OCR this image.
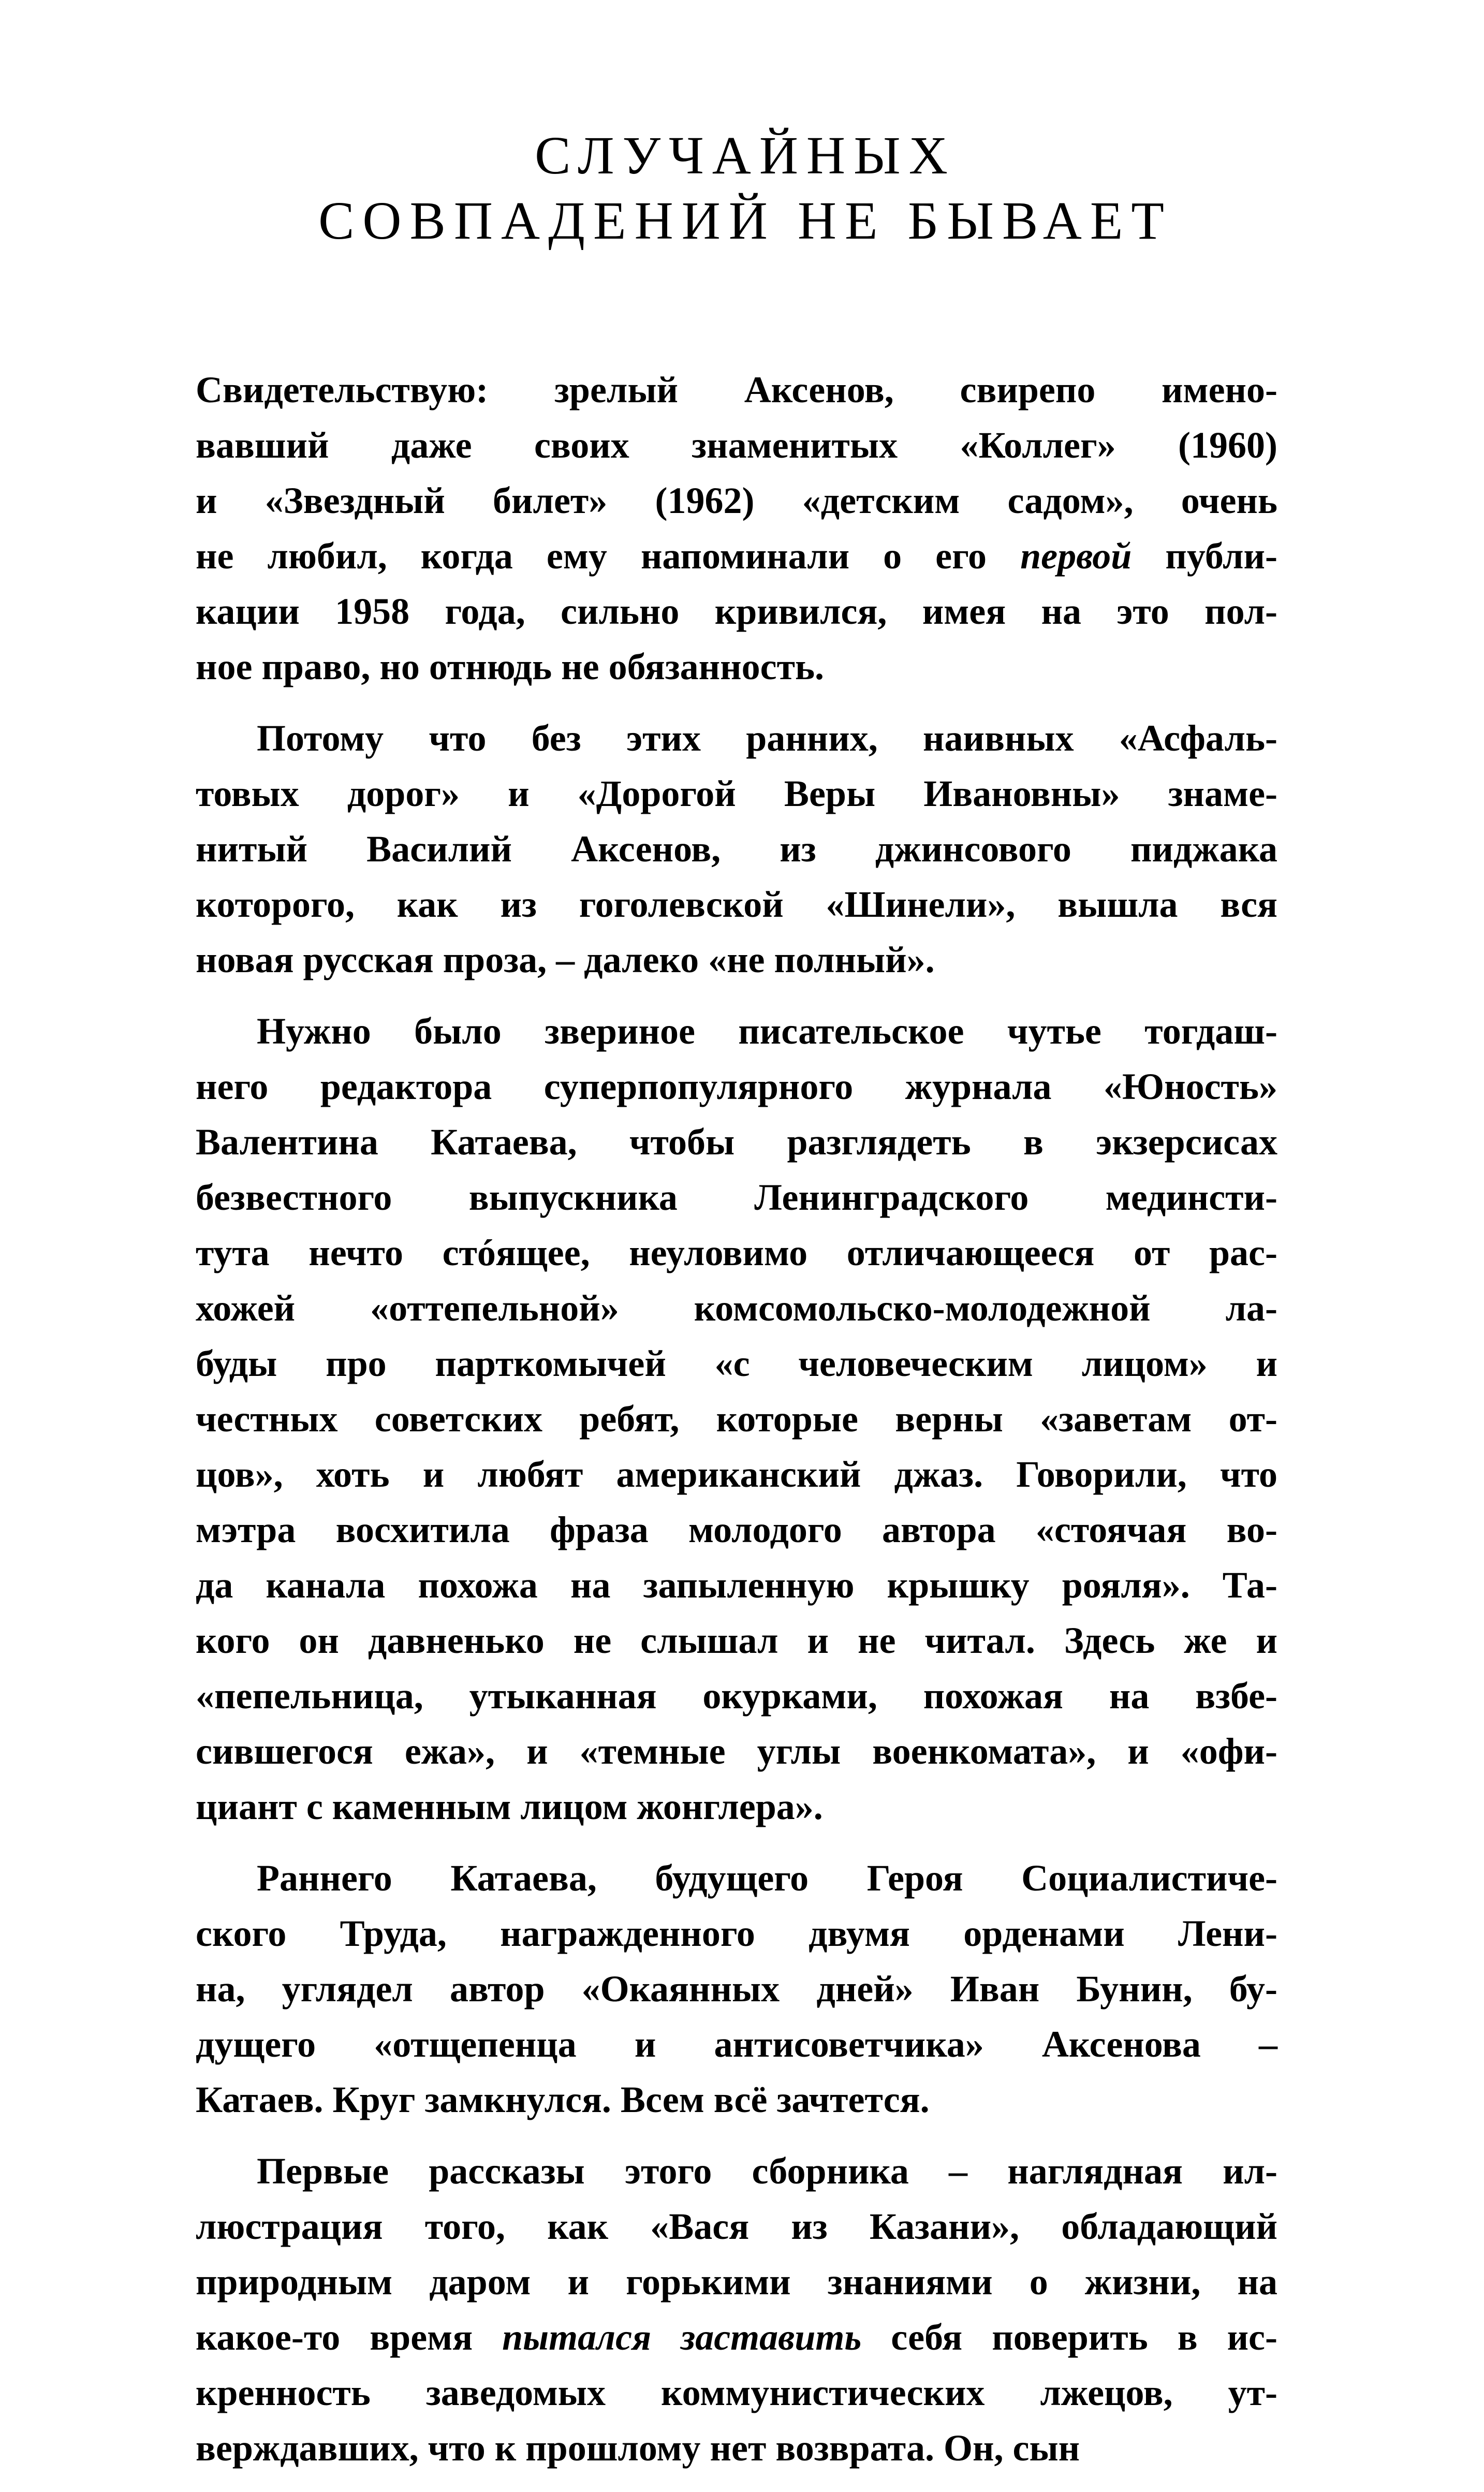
СЛУЧАЙНЫХ
СОВПАДЕНИЙ НЕ БЫВАЕТ
Свидетельствую: зрелый Аксенов, свирепо имено-
вавший даже своих знаменитых «Коллег» (1960)
и «Звездный билет» (1962) «детским садом», очень
не любил, когда ему напоминали о его первой публи-
кации 1958 года, сильно кривился, имея на это пол-
ное право, но отнюдь не обязанность.
Потому что без этих ранних, наивных «Асфаль-
товых дорог» и «Дорогой Веры Ивановны» знаме-
нитый Василий Аксенов, из джинсового пиджака
которого, как из гоголевской «Шинели», вышла вся
новая русская проза, – далеко «не полный».
Нужно было звериное писательское чутье тогдаш-
него редактора суперпопулярного журнала «Юность»
Валентина Катаева, чтобы разглядеть в экзерсисах
безвестного выпускника Ленинградского мединсти-
тута нечто стóящее, неуловимо отличающееся от рас-
хожей «оттепельной» комсомольско-молодежной ла-
буды про парткомычей «с человеческим лицом» и
честных советских ребят, которые верны «заветам от-
цов», хоть и любят американский джаз. Говорили, что
мэтра восхитила фраза молодого автора «стоячая во-
да канала похожа на запыленную крышку рояля». Та-
кого он давненько не слышал и не читал. Здесь же и
«пепельница, утыканная окурками, похожая на взбе-
сившегося ежа», и «темные углы военкомата», и «офи-
циант с каменным лицом жонглера».
Раннего Катаева, будущего Героя Социалистиче-
ского Труда, награжденного двумя орденами Лени-
на, углядел автор «Окаянных дней» Иван Бунин, бу-
дущего «отщепенца и антисоветчика» Аксенова –
Катаев. Круг замкнулся. Всем всё зачтется.
Первые рассказы этого сборника – наглядная ил-
люстрация того, как «Вася из Казани», обладающий
природным даром и горькими знаниями о жизни, на
какое-то время пытался заставить себя поверить в ис-
кренность заведомых коммунистических лжецов, ут-
верждавших, что к прошлому нет возврата. Он, сын
